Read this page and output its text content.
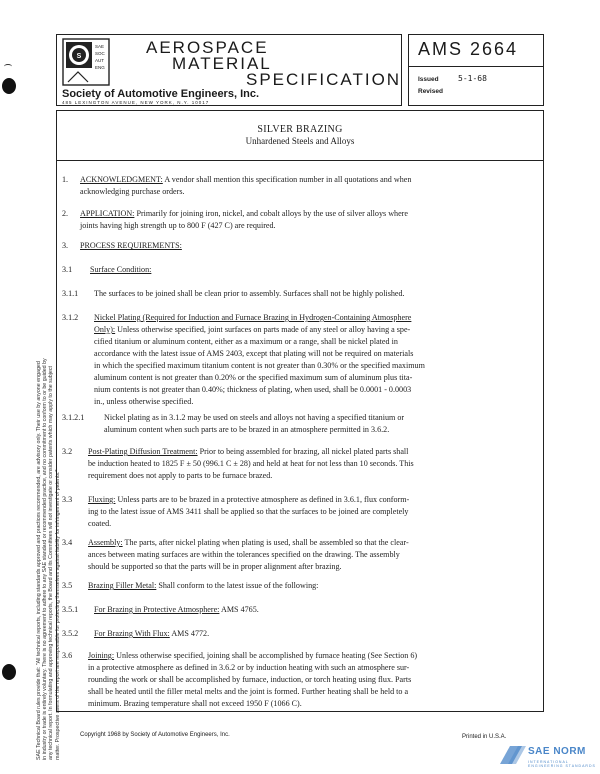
SAE Technical Board rules provide that: "All technical reports, including standards approved and practices recommended, are advisory only. Their use by anyone engaged in industry or trade is entirely voluntary. There is no agreement to adhere to any SAE standard or recommended practice, and no commitment to conform to or be guided by any technical report. In formulating and approving technical reports, the Board and its Committees will not investigate or consider patents which may apply to the subject matter. Prospective users of the report are responsible for protecting themselves against liability for infringement of patents."
S
SAE
SOC
AUT
ENG
AEROSPACE
MATERIAL
SPECIFICATION
Society of Automotive Engineers, Inc.
485 LEXINGTON AVENUE, NEW YORK, N.Y. 10017
AMS 2664
Issued 5-1-68
Revised
SILVER BRAZING
Unhardened Steels and Alloys
1. ACKNOWLEDGMENT: A vendor shall mention this specification number in all quotations and when
acknowledging purchase orders.
2. APPLICATION: Primarily for joining iron, nickel, and cobalt alloys by the use of silver alloys where
joints having high strength up to 800 F (427 C) are required.
3. PROCESS REQUIREMENTS:
3.1 Surface Condition:
3.1.1 The surfaces to be joined shall be clean prior to assembly. Surfaces shall not be highly polished.
3.1.2 Nickel Plating (Required for Induction and Furnace Brazing in Hydrogen-Containing Atmosphere
Only): Unless otherwise specified, joint surfaces on parts made of any steel or alloy having a spe-
cified titanium or aluminum content, either as a maximum or a range, shall be nickel plated in
accordance with the latest issue of AMS 2403, except that plating will not be required on materials
in which the specified maximum titanium content is not greater than 0.30% or the specified maximum
aluminum content is not greater than 0.20% or the specified maximum sum of aluminum plus tita-
nium contents is not greater than 0.40%; thickness of plating, when used, shall be 0.0001 - 0.0003
in., unless otherwise specified.
3.1.2.1 Nickel plating as in 3.1.2 may be used on steels and alloys not having a specified titanium or
aluminum content when such parts are to be brazed in an atmosphere permitted in 3.6.2.
3.2 Post-Plating Diffusion Treatment: Prior to being assembled for brazing, all nickel plated parts shall
be induction heated to 1825 F ± 50 (996.1 C ± 28) and held at heat for not less than 10 seconds. This
requirement does not apply to parts to be furnace brazed.
3.3 Fluxing: Unless parts are to be brazed in a protective atmosphere as defined in 3.6.1, flux conform-
ing to the latest issue of AMS 3411 shall be applied so that the surfaces to be joined are completely
coated.
3.4 Assembly: The parts, after nickel plating when plating is used, shall be assembled so that the clear-
ances between mating surfaces are within the tolerances specified on the drawing. The assembly
should be supported so that the parts will be in proper alignment after brazing.
3.5 Brazing Filler Metal: Shall conform to the latest issue of the following:
3.5.1 For Brazing in Protective Atmosphere: AMS 4765.
3.5.2 For Brazing With Flux: AMS 4772.
3.6 Joining: Unless otherwise specified, joining shall be accomplished by furnace heating (See Section 6)
in a protective atmosphere as defined in 3.6.2 or by induction heating with such an atmosphere sur-
rounding the work or shall be accomplished by furnace, induction, or torch heating using flux. Parts
shall be heated until the filler metal melts and the joint is formed. Further heating shall be held to a
minimum. Brazing temperature shall not exceed 1950 F (1066 C).
Copyright 1968 by Society of Automotive Engineers, Inc.	Printed in U.S.A.
SAE NORM
INTERNATIONAL ENGINEERING STANDARDS
